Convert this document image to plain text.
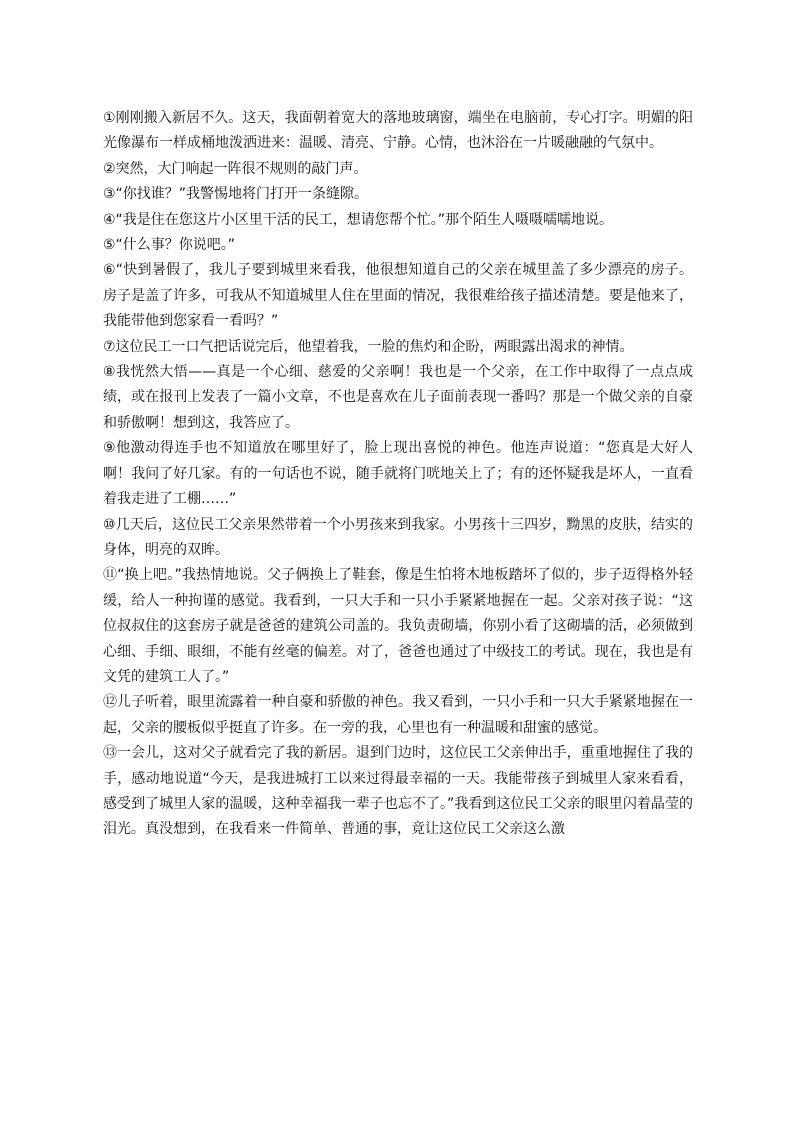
①刚刚搬入新居不久。这天，我面朝着宽大的落地玻璃窗，端坐在电脑前，专心打字。明媚的阳光像瀑布一样成桶地泼洒进来：温暖、清亮、宁静。心情，也沐浴在一片暖融融的气氛中。

②突然，大门响起一阵很不规则的敲门声。

③“你找谁？”我警惕地将门打开一条缝隙。

④“我是住在您这片小区里干活的民工，想请您帮个忙。”那个陌生人嗫嗫嚅嚅地说。

⑤“什么事？你说吧。”

⑥“快到暑假了，我儿子要到城里来看我，他很想知道自己的父亲在城里盖了多少漂亮的房子。房子是盖了许多，可我从不知道城里人住在里面的情况，我很难给孩子描述清楚。要是他来了，我能带他到您家看一看吗？”

⑦这位民工一口气把话说完后，他望着我，一脸的焦灼和企盼，两眼露出渴求的神情。

⑧我恍然大悟——真是一个心细、慈爱的父亲啊！我也是一个父亲，在工作中取得了一点点成绩，或在报刊上发表了一篇小文章，不也是喜欢在儿子面前表现一番吗？那是一个做父亲的自豪和骄傲啊！想到这，我答应了。

⑨他激动得连手也不知道放在哪里好了，脸上现出喜悦的神色。他连声说道：“您真是大好人啊！我问了好几家。有的一句话也不说，随手就将门咣地关上了；有的还怀疑我是坏人，一直看着我走进了工棚……”

⑩几天后，这位民工父亲果然带着一个小男孩来到我家。小男孩十三四岁，黝黑的皮肤，结实的身体，明亮的双眸。

⑪“换上吧。”我热情地说。父子俩换上了鞋套，像是生怕将木地板踏坏了似的，步子迈得格外轻缓，给人一种拘谨的感觉。我看到，一只大手和一只小手紧紧地握在一起。父亲对孩子说：“这位叔叔住的这套房子就是爸爸的建筑公司盖的。我负责砌墙，你别小看了这砌墙的活，必须做到心细、手细、眼细，不能有丝毫的偏差。对了，爸爸也通过了中级技工的考试。现在，我也是有文凭的建筑工人了。”

⑫儿子听着，眼里流露着一种自豪和骄傲的神色。我又看到，一只小手和一只大手紧紧地握在一起，父亲的腰板似乎挺直了许多。在一旁的我，心里也有一种温暖和甜蜜的感觉。

⑬一会儿，这对父子就看完了我的新居。退到门边时，这位民工父亲伸出手，重重地握住了我的手，感动地说道“今天，是我进城打工以来过得最幸福的一天。我能带孩子到城里人家来看看，感受到了城里人家的温暖，这种幸福我一辈子也忘不了。”我看到这位民工父亲的眼里闪着晶莹的泪光。真没想到，在我看来一件简单、普通的事，竟让这位民工父亲这么激
